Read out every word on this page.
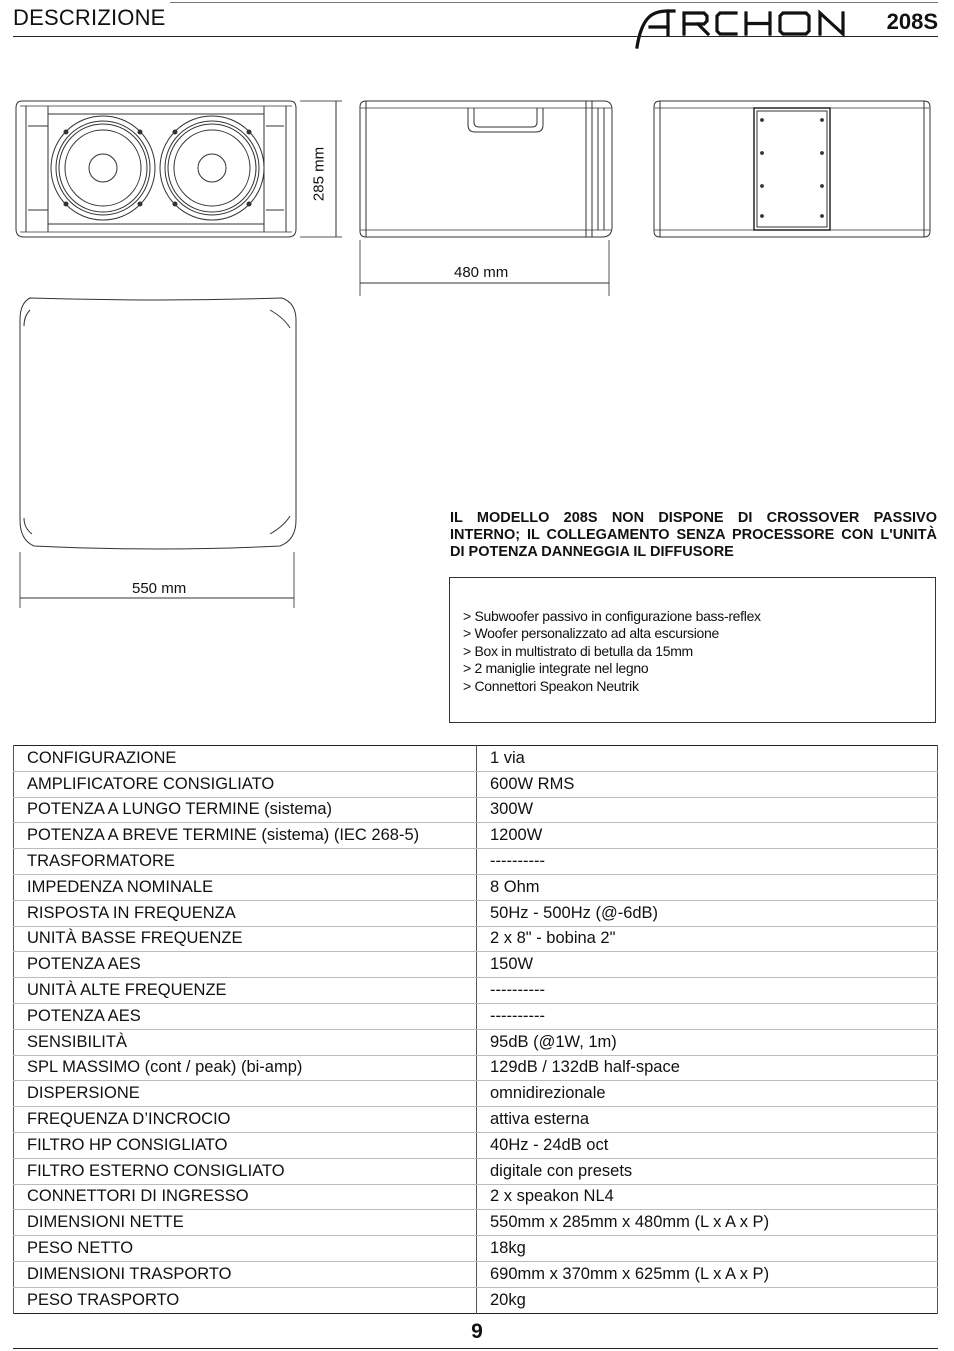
DESCRIZIONE	208S
285 mm
480 mm
550 mm
IL MODELLO 208S NON DISPONE DI CROSSOVER PASSIVO INTERNO; IL COLLEGAMENTO SENZA PROCESSORE CON L'UNITÀ DI POTENZA DANNEGGIA IL DIFFUSORE
> Subwoofer passivo in configurazione bass-reflex
> Woofer personalizzato ad alta escursione
> Box in multistrato di betulla da 15mm
> 2 maniglie integrate nel legno
> Connettori Speakon Neutrik
CONFIGURAZIONE	1 via
AMPLIFICATORE CONSIGLIATO	600W RMS
POTENZA A LUNGO TERMINE (sistema)	300W
POTENZA A BREVE TERMINE (sistema) (IEC 268-5)	1200W
TRASFORMATORE	----------
IMPEDENZA NOMINALE	8 Ohm
RISPOSTA IN FREQUENZA	50Hz - 500Hz (@-6dB)
UNITÀ BASSE FREQUENZE	2 x 8" - bobina 2"
POTENZA AES	150W
UNITÀ ALTE FREQUENZE	----------
POTENZA AES	----------
SENSIBILITÀ	95dB (@1W, 1m)
SPL MASSIMO (cont / peak) (bi-amp)	129dB / 132dB half-space
DISPERSIONE	omnidirezionale
FREQUENZA D’INCROCIO	attiva esterna
FILTRO HP CONSIGLIATO	40Hz - 24dB oct
FILTRO ESTERNO CONSIGLIATO	digitale con presets
CONNETTORI DI INGRESSO	2 x speakon NL4
DIMENSIONI NETTE	550mm x 285mm x 480mm (L x A x P)
PESO NETTO	18kg
DIMENSIONI TRASPORTO	690mm x 370mm x 625mm (L x A x P)
PESO TRASPORTO	20kg
9
